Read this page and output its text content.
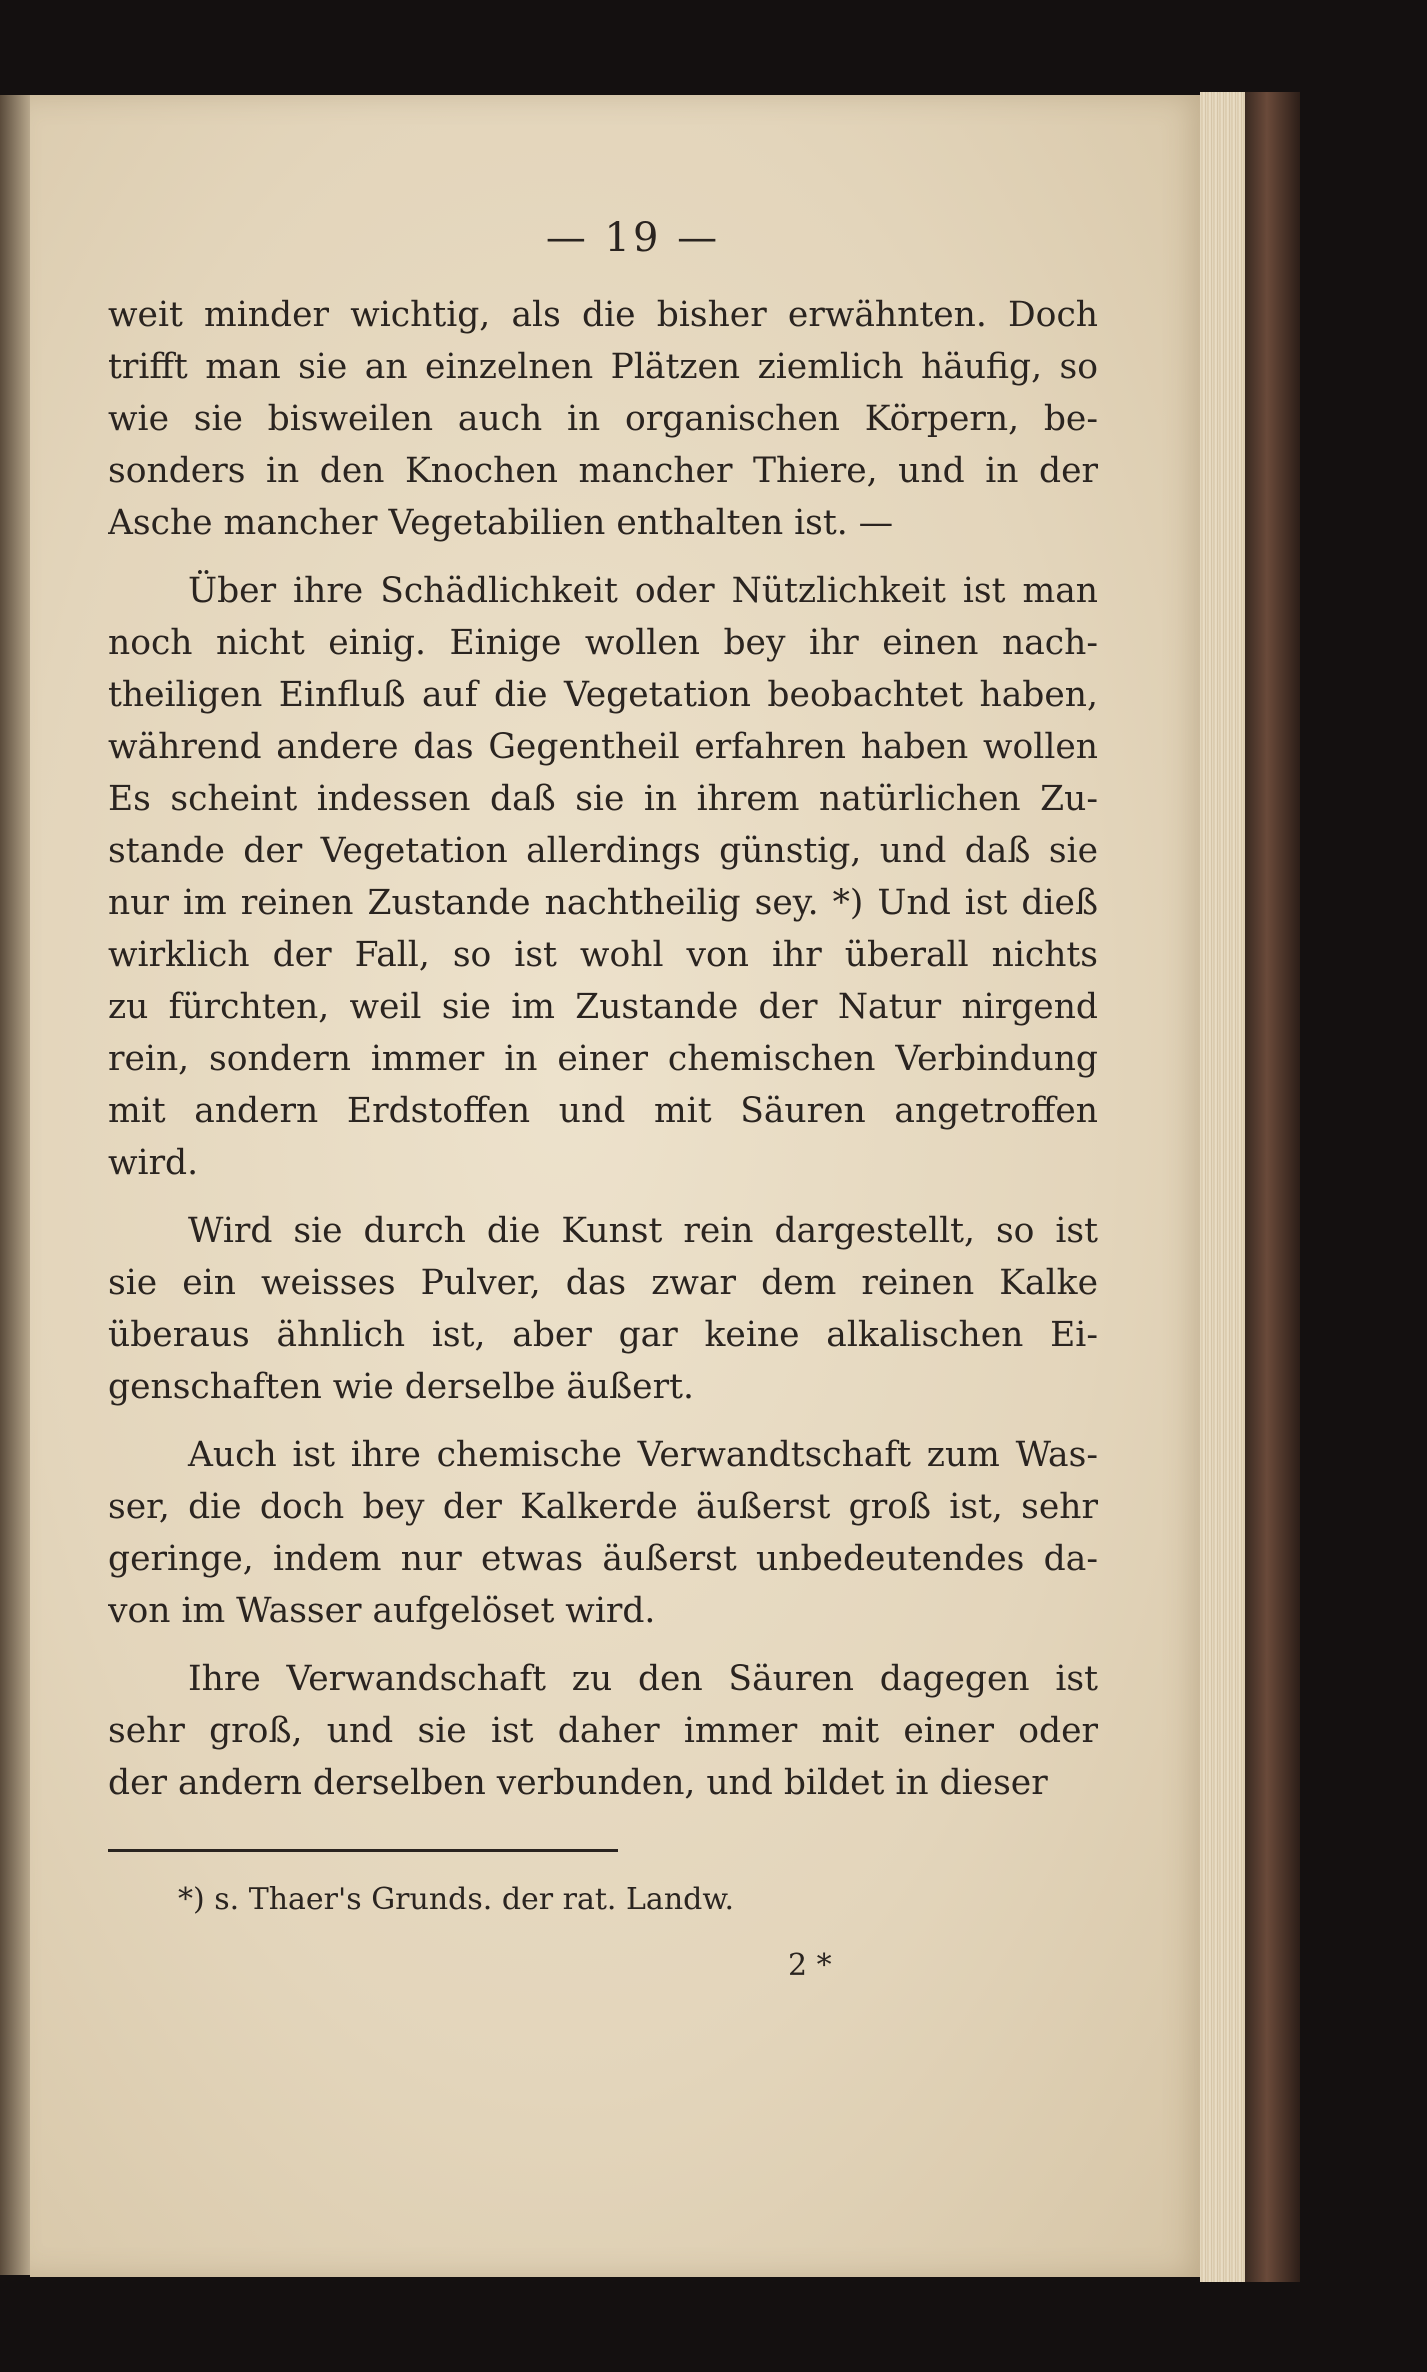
— 19 —
weit minder wichtig, als die bisher erwähnten. Doch
trifft man sie an einzelnen Plätzen ziemlich häufig, so
wie sie bisweilen auch in organischen Körpern, be-
sonders in den Knochen mancher Thiere, und in der
Asche mancher Vegetabilien enthalten ist. —
Über ihre Schädlichkeit oder Nützlichkeit ist man
noch nicht einig. Einige wollen bey ihr einen nach-
theiligen Einfluß auf die Vegetation beobachtet haben,
während andere das Gegentheil erfahren haben wollen
Es scheint indessen daß sie in ihrem natürlichen Zu-
stande der Vegetation allerdings günstig, und daß sie
nur im reinen Zustande nachtheilig sey. *) Und ist dieß
wirklich der Fall, so ist wohl von ihr überall nichts
zu fürchten, weil sie im Zustande der Natur nirgend
rein, sondern immer in einer chemischen Verbindung
mit andern Erdstoffen und mit Säuren angetroffen
wird.
Wird sie durch die Kunst rein dargestellt, so ist
sie ein weisses Pulver, das zwar dem reinen Kalke
überaus ähnlich ist, aber gar keine alkalischen Ei-
genschaften wie derselbe äußert.
Auch ist ihre chemische Verwandtschaft zum Was-
ser, die doch bey der Kalkerde äußerst groß ist, sehr
geringe, indem nur etwas äußerst unbedeutendes da-
von im Wasser aufgelöset wird.
Ihre Verwandschaft zu den Säuren dagegen ist
sehr groß, und sie ist daher immer mit einer oder
der andern derselben verbunden, und bildet in dieser
*) s. Thaer's Grunds. der rat. Landw.
2 *
